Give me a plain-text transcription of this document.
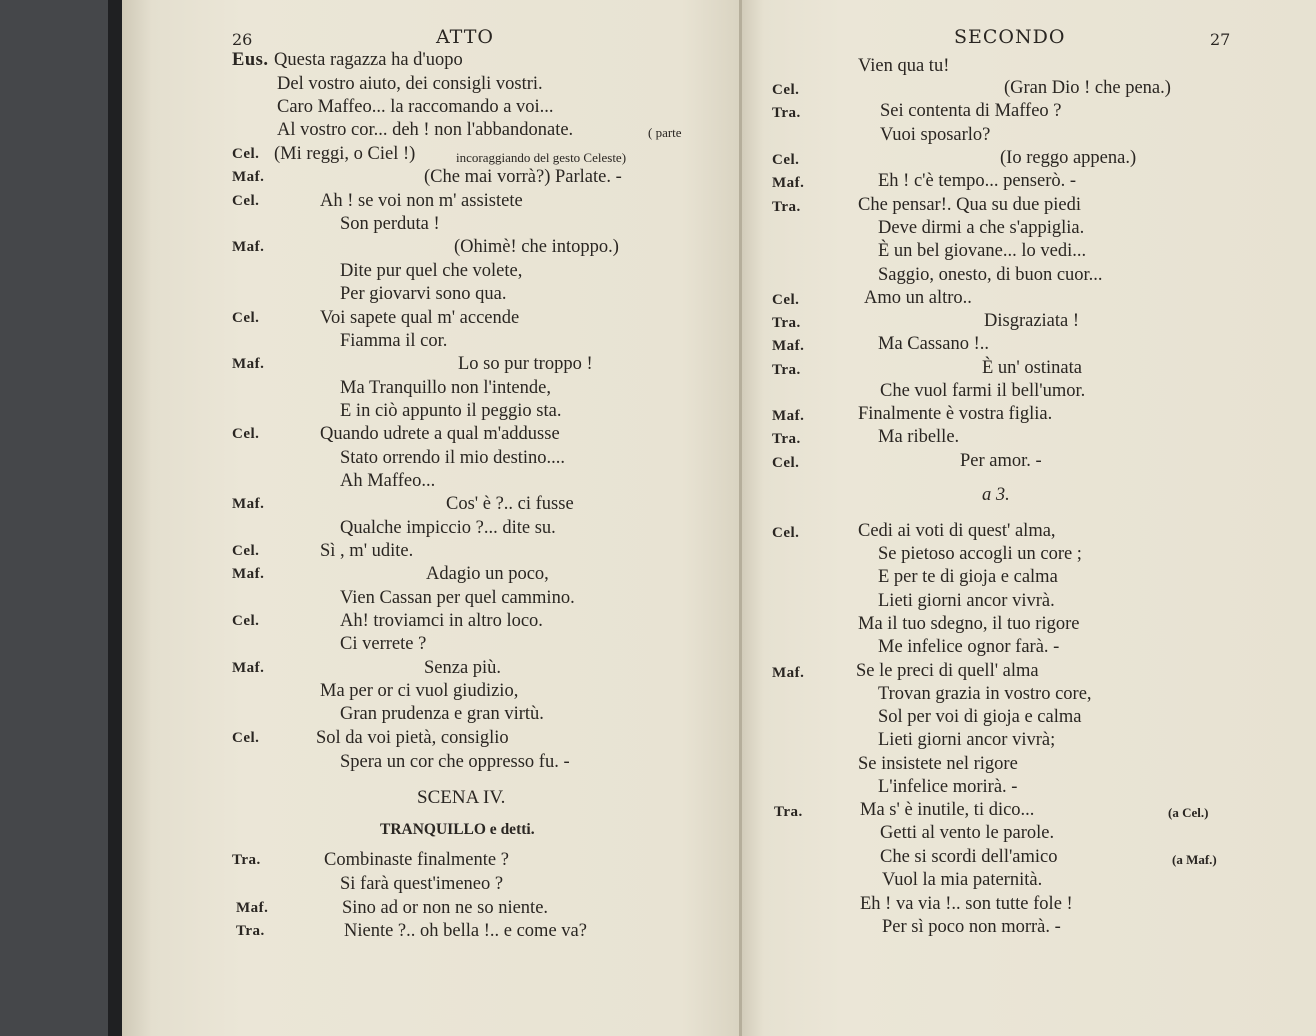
26	ATTO
Eus. Questa ragazza ha d'uopo
Del vostro aiuto, dei consigli vostri.
Caro Maffeo... la raccomando a voi...
Al vostro cor... deh ! non l'abbandonate.	( parte
Cel. (Mi reggi, o Ciel !)	incoraggiando del gesto Celeste)
Maf.	(Che mai vorrà?) Parlate. -
Cel.	Ah ! se voi non m' assistete
Son perduta !
Maf.	(Ohimè! che intoppo.)
Dite pur quel che volete,
Per giovarvi sono qua.
Cel.	Voi sapete qual m' accende
Fiamma il cor.
Maf.	Lo so pur troppo !
Ma Tranquillo non l'intende,
E in ciò appunto il peggio sta.
Cel.	Quando udrete a qual m'addusse
Stato orrendo il mio destino....
Ah Maffeo...
Maf.	Cos' è ?.. ci fusse
Qualche impiccio ?... dite su.
Cel.	Sì , m' udite.
Maf.	Adagio un poco,
Vien Cassan per quel cammino.
Cel.	Ah! troviamci in altro loco.
Ci verrete ?
Maf.	Senza più.
Ma per or ci vuol giudizio,
Gran prudenza e gran virtù.
Cel.	Sol da voi pietà, consiglio
Spera un cor che oppresso fu. -
SCENA IV.
TRANQUILLO e detti.
Tra.	Combinaste finalmente ?
Si farà quest'imeneo ?
Maf.	Sino ad or non ne so niente.
Tra.	Niente ?.. oh bella !.. e come va?
SECONDO	27
Vien qua tu!
Cel.	(Gran Dio ! che pena.)
Tra.	Sei contenta di Maffeo ?
Vuoi sposarlo?
Cel.	(Io reggo appena.)
Maf.	Eh ! c'è tempo... penserò. -
Tra.	Che pensar!. Qua su due piedi
Deve dirmi a che s'appiglia.
È un bel giovane... lo vedi...
Saggio, onesto, di buon cuor...
Cel.	Amo un altro..
Tra.	Disgraziata !
Maf.	Ma Cassano !..
Tra.	È un' ostinata
Che vuol farmi il bell'umor.
Maf.	Finalmente è vostra figlia.
Tra.	Ma ribelle.
Cel.	Per amor. -
a 3.
Cel.	Cedi ai voti di quest' alma,
Se pietoso accogli un core ;
E per te di gioja e calma
Lieti giorni ancor vivrà.
Ma il tuo sdegno, il tuo rigore
Me infelice ognor farà. -
Maf.	Se le preci di quell' alma
Trovan grazia in vostro core,
Sol per voi di gioja e calma
Lieti giorni ancor vivrà;
Se insistete nel rigore
L'infelice morirà. -
Tra.	Ma s' è inutile, ti dico...	(a Cel.)
Getti al vento le parole.
Che si scordi dell'amico	(a Maf.)
Vuol la mia paternità.
Eh ! va via !.. son tutte fole !
Per sì poco non morrà. -
